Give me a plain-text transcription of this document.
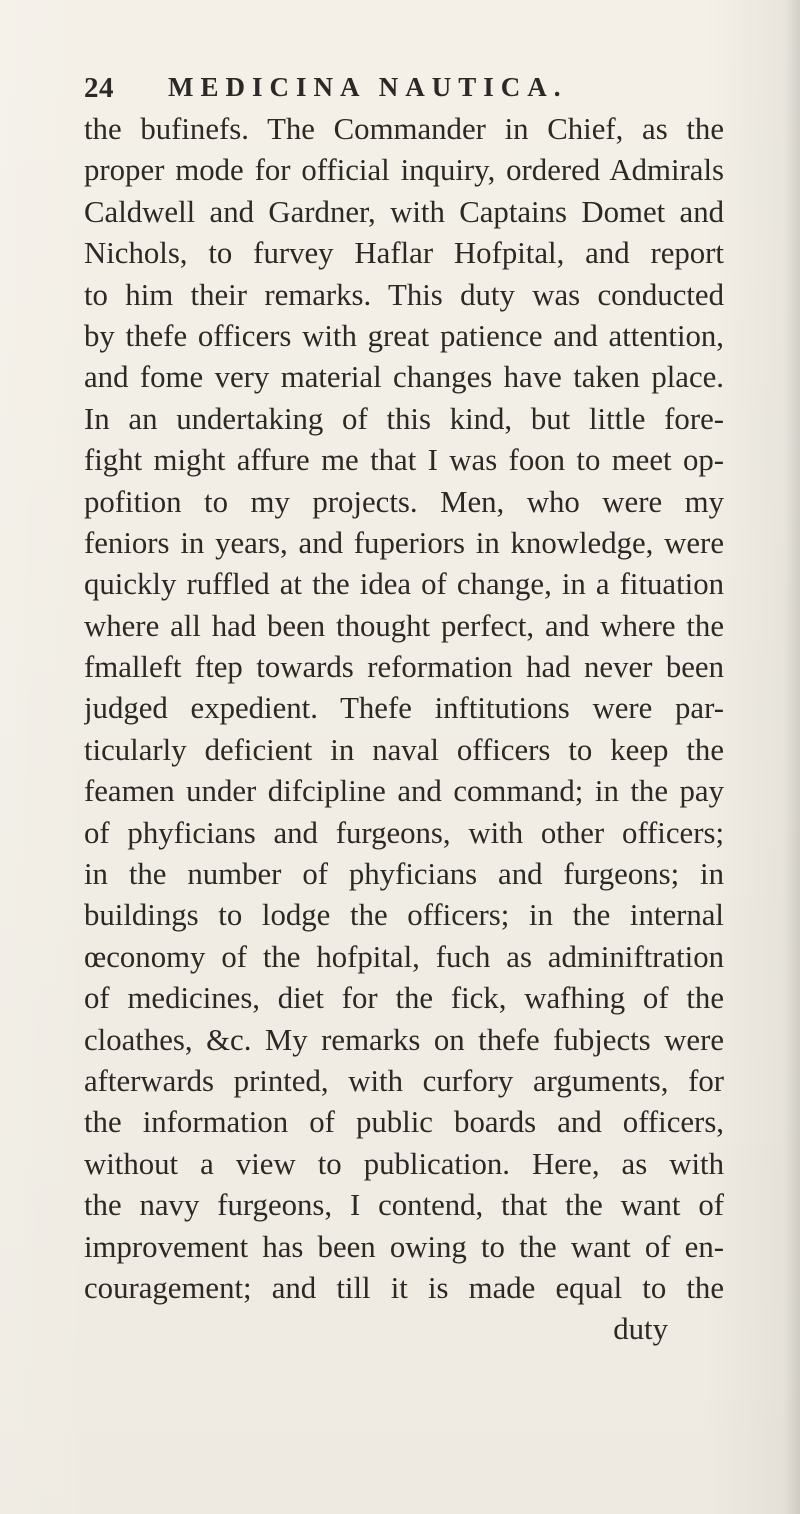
24 MEDICINA NAUTICA.
the bufinefs. The Commander in Chief, as the
proper mode for official inquiry, ordered Admirals
Caldwell and Gardner, with Captains Domet and
Nichols, to furvey Haflar Hofpital, and report
to him their remarks. This duty was conducted
by thefe officers with great patience and attention,
and fome very material changes have taken place.
In an undertaking of this kind, but little fore-
fight might affure me that I was foon to meet op-
pofition to my projects. Men, who were my
feniors in years, and fuperiors in knowledge, were
quickly ruffled at the idea of change, in a fituation
where all had been thought perfect, and where the
fmalleft ftep towards reformation had never been
judged expedient. Thefe inftitutions were par-
ticularly deficient in naval officers to keep the
feamen under difcipline and command; in the pay
of phyficians and furgeons, with other officers;
in the number of phyficians and furgeons; in
buildings to lodge the officers; in the internal
œconomy of the hofpital, fuch as adminiftration
of medicines, diet for the fick, wafhing of the
cloathes, &c. My remarks on thefe fubjects were
afterwards printed, with curfory arguments, for
the information of public boards and officers,
without a view to publication. Here, as with
the navy furgeons, I contend, that the want of
improvement has been owing to the want of en-
couragement; and till it is made equal to the
duty
